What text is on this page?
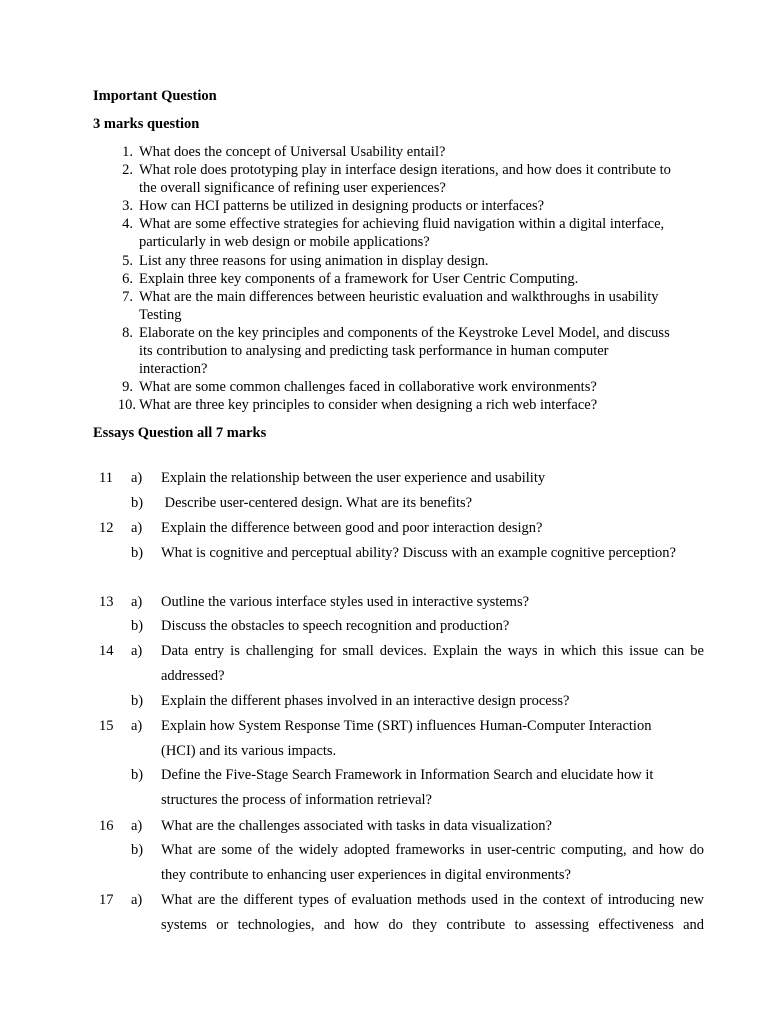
Important Question
3 marks question
1. What does the concept of Universal Usability entail?
2. What role does prototyping play in interface design iterations, and how does it contribute to the overall significance of refining user experiences?
3. How can HCI patterns be utilized in designing products or interfaces?
4. What are some effective strategies for achieving fluid navigation within a digital interface, particularly in web design or mobile applications?
5. List any three reasons for using animation in display design.
6. Explain three key components of a framework for User Centric Computing.
7. What are the main differences between heuristic evaluation and walkthroughs in usability Testing
8. Elaborate on the key principles and components of the Keystroke Level Model, and discuss its contribution to analysing and predicting task performance in human computer interaction?
9. What are some common challenges faced in collaborative work environments?
10. What are three key principles to consider when designing a rich web interface?
Essays Question all 7 marks
11 a) Explain the relationship between the user experience and usability
b) Describe user-centered design. What are its benefits?
12 a) Explain the difference between good and poor interaction design?
b) What is cognitive and perceptual ability? Discuss with an example cognitive perception?
13 a) Outline the various interface styles used in interactive systems?
b) Discuss the obstacles to speech recognition and production?
14 a) Data entry is challenging for small devices. Explain the ways in which this issue can be addressed?
b) Explain the different phases involved in an interactive design process?
15 a) Explain how System Response Time (SRT) influences Human-Computer Interaction (HCI) and its various impacts.
b) Define the Five-Stage Search Framework in Information Search and elucidate how it structures the process of information retrieval?
16 a) What are the challenges associated with tasks in data visualization?
b) What are some of the widely adopted frameworks in user-centric computing, and how do they contribute to enhancing user experiences in digital environments?
17 a) What are the different types of evaluation methods used in the context of introducing new systems or technologies, and how do they contribute to assessing effectiveness and
